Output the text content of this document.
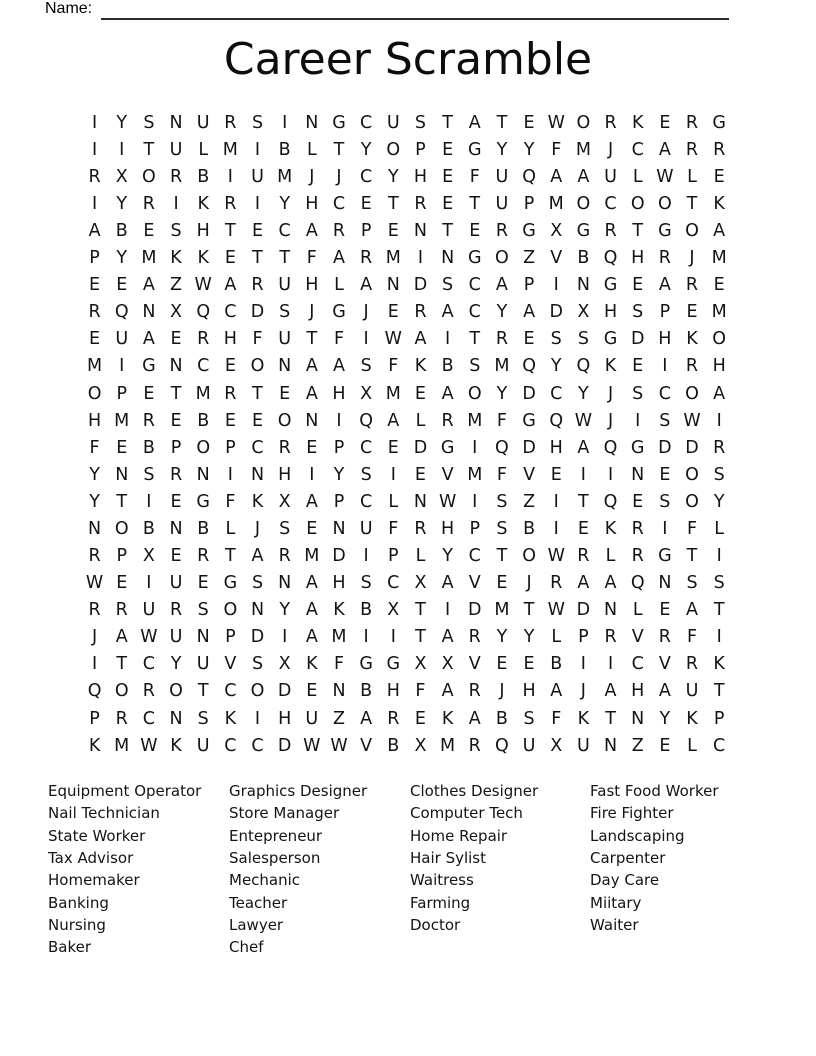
Name:
Career Scramble
I	Y S N U R S	I	N G C U S T A T E W O R K E R G
I	I	T U L M I	B L T Y O P E G Y Y F M J	C A R R
R X O R B	I	U M J	J	C Y H E F U Q A A U L W L E
I	Y R	I	K R	I	Y H C E T R E T U P M O C O O T K
A B E S H T E C A R P E N T E R G X G R T G O A
P Y M K K E T T F A R M I	N G O Z V B Q H R	J M
E E A Z W A R U H L A N D S C A P	I	N G E A R E
R Q N X Q C D S	J	G	J	E R A C Y A D X H S P E M
E U A E R H F U T F	I W A	I	T R E S S G D H K O
M I	G N C E O N A A S F K B S M Q Y Q K E	I	R H
O P E T M R T E A H X M E A O Y D C Y	J	S C O A
H M R E B E E O N	I	Q A L R M F G Q W J	I	S W I
F E B P O P C R E P C E D G	I	Q D H A Q G D D R
Y N S R N	I	N H	I	Y S	I	E V M F V E	I	I	N E O S
Y T	I	E G F K X A P C L N W I	S Z	I	T Q E S O Y
N O B N B L	J	S E N U F R H P S B	I	E K R	I	F L
R P X E R T A R M D	I	P L Y C T O W R L R G T	I
W E	I	U E G S N A H S C X A V E	J	R A A Q N S S
R R U R S O N Y A K B X T	I	D M T W D N L E A T
J	A W U N P D	I	A M I	I	T A R Y Y L P R V R F	I
I	T C Y U V S X K F G G X X V E E B	I	I	C V R K
Q O R O T C O D E N B H F A R	J	H A	J	A H A U T
P R C N S K	I	H U Z A R E K A B S F K T N Y K P
K M W K U C C D W W V B X M R Q U X U N Z E L C
Equipment Operator
Nail Technician
State Worker
Tax Advisor
Homemaker
Banking
Nursing
Baker
Graphics Designer
Store Manager
Entepreneur
Salesperson
Mechanic
Teacher
Lawyer
Chef
Clothes Designer
Computer Tech
Home Repair
Hair Sylist
Waitress
Farming
Doctor
Fast Food Worker
Fire Fighter
Landscaping
Carpenter
Day Care
Miitary
Waiter
